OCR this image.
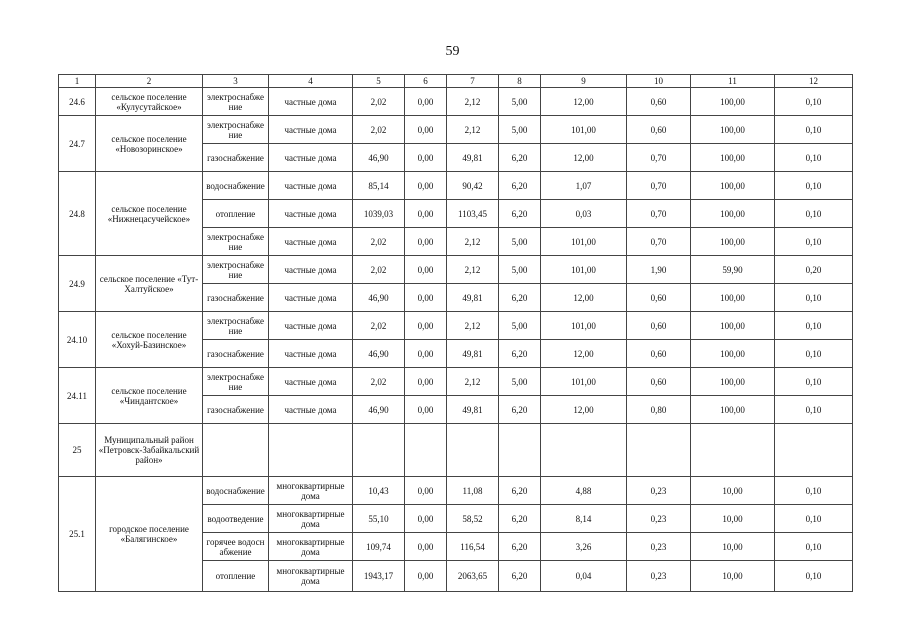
59
1	2	3	4	5	6	7	8	9	10	11	12
24.6	сельское поселение «Кулусутайское»	электроснабжение	частные дома	2,02	0,00	2,12	5,00	12,00	0,60	100,00	0,10
24.7	сельское поселение «Новозоринское»	электроснабжение	частные дома	2,02	0,00	2,12	5,00	101,00	0,60	100,00	0,10
		газоснабжение	частные дома	46,90	0,00	49,81	6,20	12,00	0,70	100,00	0,10
24.8	сельское поселение «Нижнецасучейское»	водоснабжение	частные дома	85,14	0,00	90,42	6,20	1,07	0,70	100,00	0,10
		отопление	частные дома	1039,03	0,00	1103,45	6,20	0,03	0,70	100,00	0,10
		электроснабжение	частные дома	2,02	0,00	2,12	5,00	101,00	0,70	100,00	0,10
24.9	сельское поселение «Тут-Халтуйское»	электроснабжение	частные дома	2,02	0,00	2,12	5,00	101,00	1,90	59,90	0,20
		газоснабжение	частные дома	46,90	0,00	49,81	6,20	12,00	0,60	100,00	0,10
24.10	сельское поселение «Хохуй-Базинское»	электроснабжение	частные дома	2,02	0,00	2,12	5,00	101,00	0,60	100,00	0,10
		газоснабжение	частные дома	46,90	0,00	49,81	6,20	12,00	0,60	100,00	0,10
24.11	сельское поселение «Чиндантское»	электроснабжение	частные дома	2,02	0,00	2,12	5,00	101,00	0,60	100,00	0,10
		газоснабжение	частные дома	46,90	0,00	49,81	6,20	12,00	0,80	100,00	0,10
25	Муниципальный район «Петровск-Забайкальский район»										
25.1	городское поселение «Балягинское»	водоснабжение	многоквартирные дома	10,43	0,00	11,08	6,20	4,88	0,23	10,00	0,10
		водоотведение	многоквартирные дома	55,10	0,00	58,52	6,20	8,14	0,23	10,00	0,10
		горячее водоснабжение	многоквартирные дома	109,74	0,00	116,54	6,20	3,26	0,23	10,00	0,10
		отопление	многоквартирные дома	1943,17	0,00	2063,65	6,20	0,04	0,23	10,00	0,10
